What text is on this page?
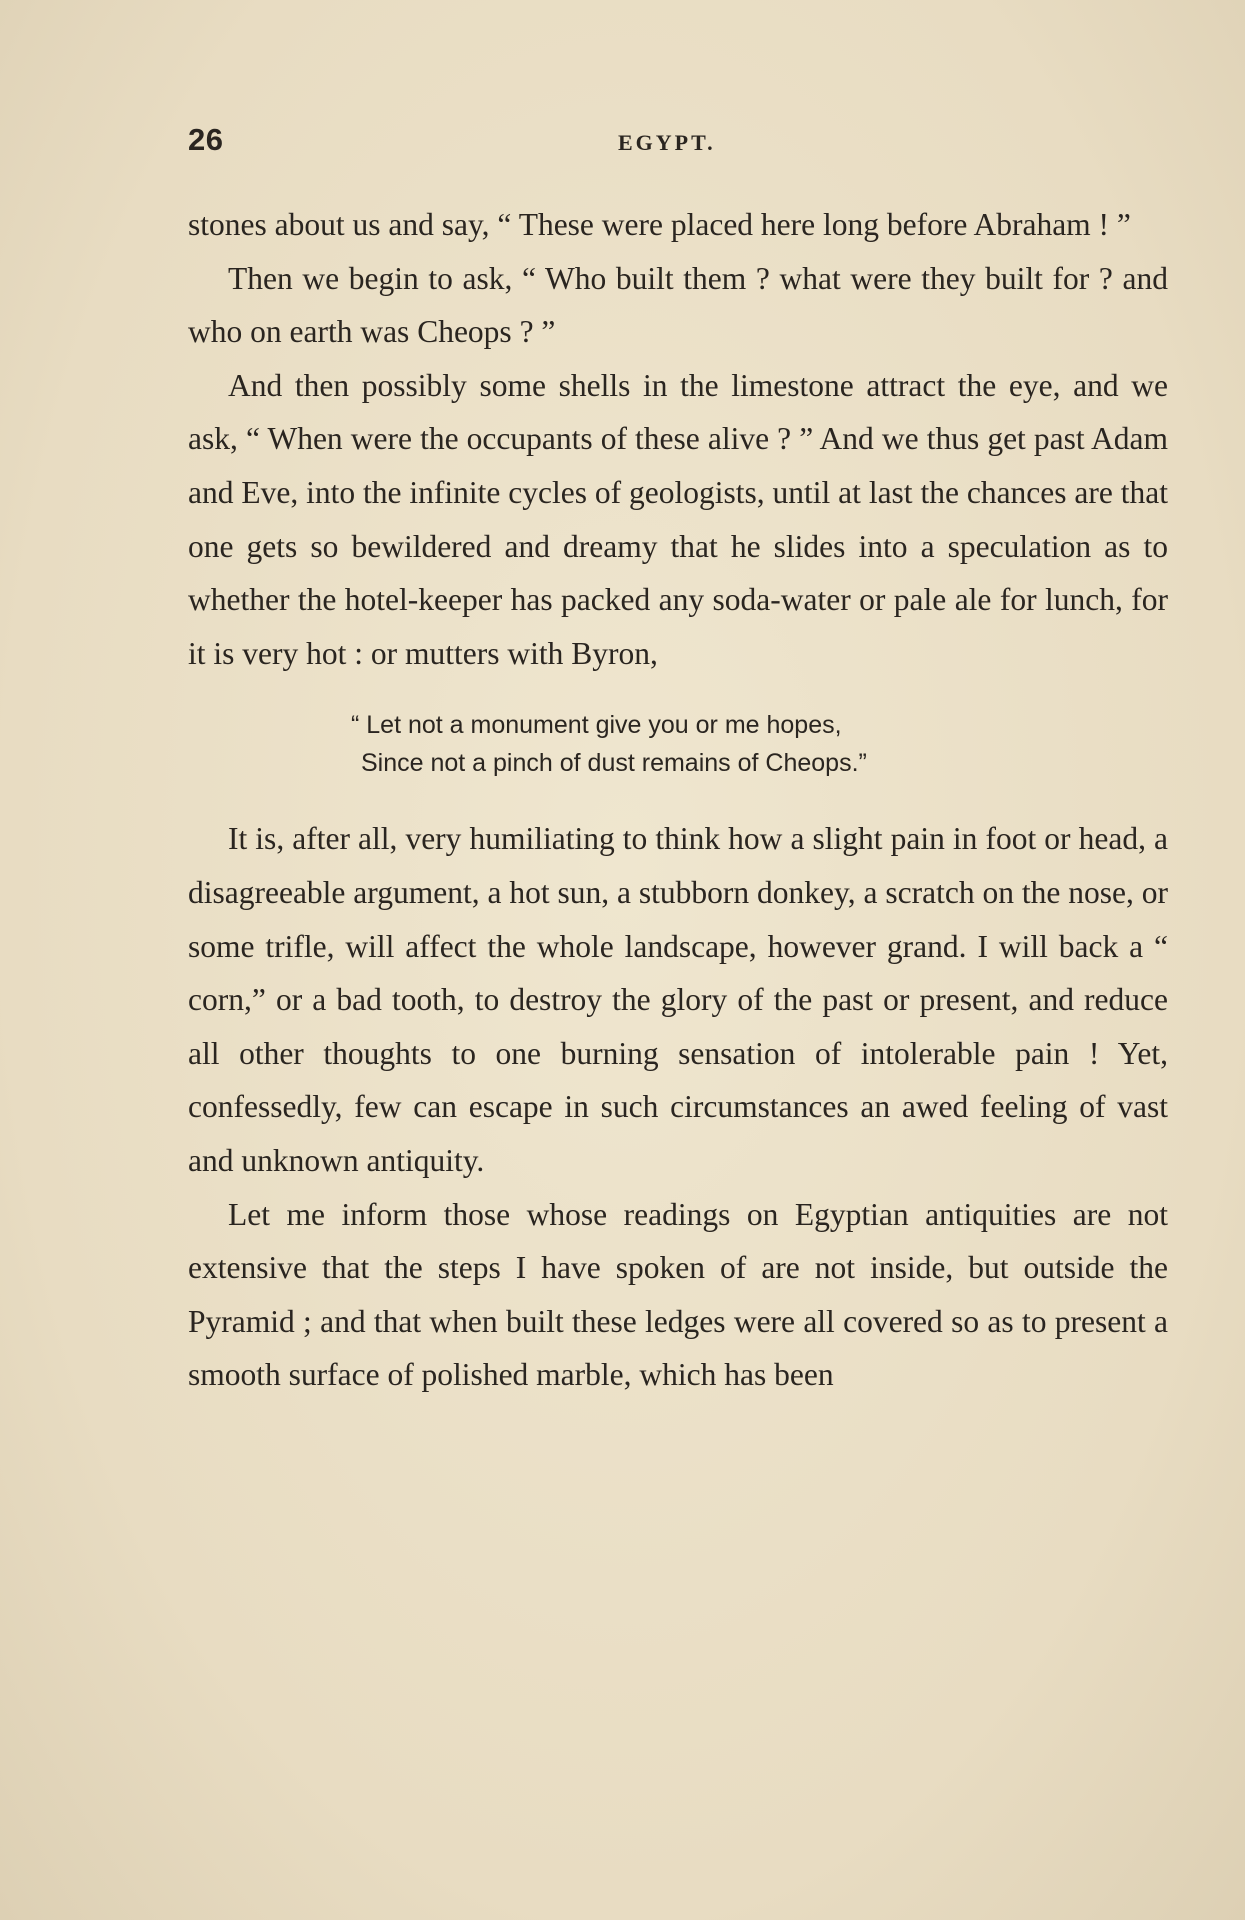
26	EGYPT.

stones about us and say, “ These were placed here long before Abraham ! ”

Then we begin to ask, “ Who built them ? what were they built for ? and who on earth was Cheops ? ”

And then possibly some shells in the limestone attract the eye, and we ask, “ When were the occupants of these alive ? ” And we thus get past Adam and Eve, into the infinite cycles of geologists, until at last the chances are that one gets so bewildered and dreamy that he slides into a speculation as to whether the hotel-keeper has packed any soda-water or pale ale for lunch, for it is very hot : or mutters with Byron,

“ Let not a monument give you or me hopes,
Since not a pinch of dust remains of Cheops.”

It is, after all, very humiliating to think how a slight pain in foot or head, a disagreeable argument, a hot sun, a stubborn donkey, a scratch on the nose, or some trifle, will affect the whole landscape, however grand. I will back a “ corn,” or a bad tooth, to destroy the glory of the past or present, and reduce all other thoughts to one burning sensation of intolerable pain ! Yet, confessedly, few can escape in such circumstances an awed feeling of vast and unknown antiquity.

Let me inform those whose readings on Egyptian antiquities are not extensive that the steps I have spoken of are not inside, but outside the Pyramid ; and that when built these ledges were all covered so as to present a smooth surface of polished marble, which has been
